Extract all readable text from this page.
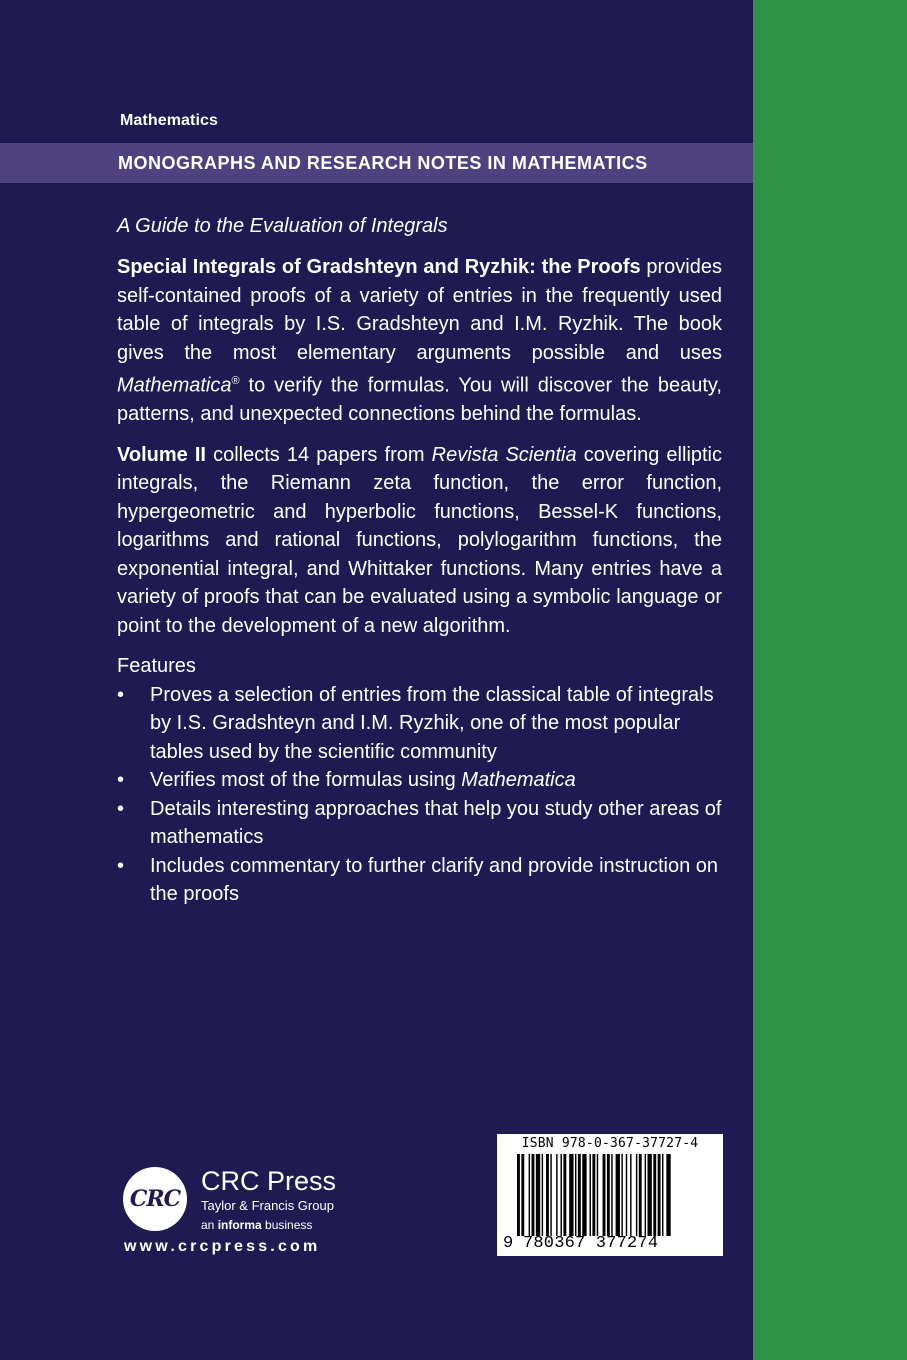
Mathematics
MONOGRAPHS AND RESEARCH NOTES IN MATHEMATICS

A Guide to the Evaluation of Integrals

Special Integrals of Gradshteyn and Ryzhik: the Proofs provides self-contained proofs of a variety of entries in the frequently used table of integrals by I.S. Gradshteyn and I.M. Ryzhik. The book gives the most elementary arguments possible and uses Mathematica® to verify the formulas. You will discover the beauty, patterns, and unexpected connections behind the formulas.

Volume II collects 14 papers from Revista Scientia covering elliptic integrals, the Riemann zeta function, the error function, hypergeometric and hyperbolic functions, Bessel-K functions, logarithms and rational functions, polylogarithm functions, the exponential integral, and Whittaker functions. Many entries have a variety of proofs that can be evaluated using a symbolic language or point to the development of a new algorithm.

Features

• Proves a selection of entries from the classical table of integrals by I.S. Gradshteyn and I.M. Ryzhik, one of the most popular tables used by the scientific community
• Verifies most of the formulas using Mathematica
• Details interesting approaches that help you study other areas of mathematics
• Includes commentary to further clarify and provide instruction on the proofs
CRC
CRC Press
Taylor & Francis Group
an informa business
www.crcpress.com
ISBN 978-0-367-37727-4
9 780367 377274
